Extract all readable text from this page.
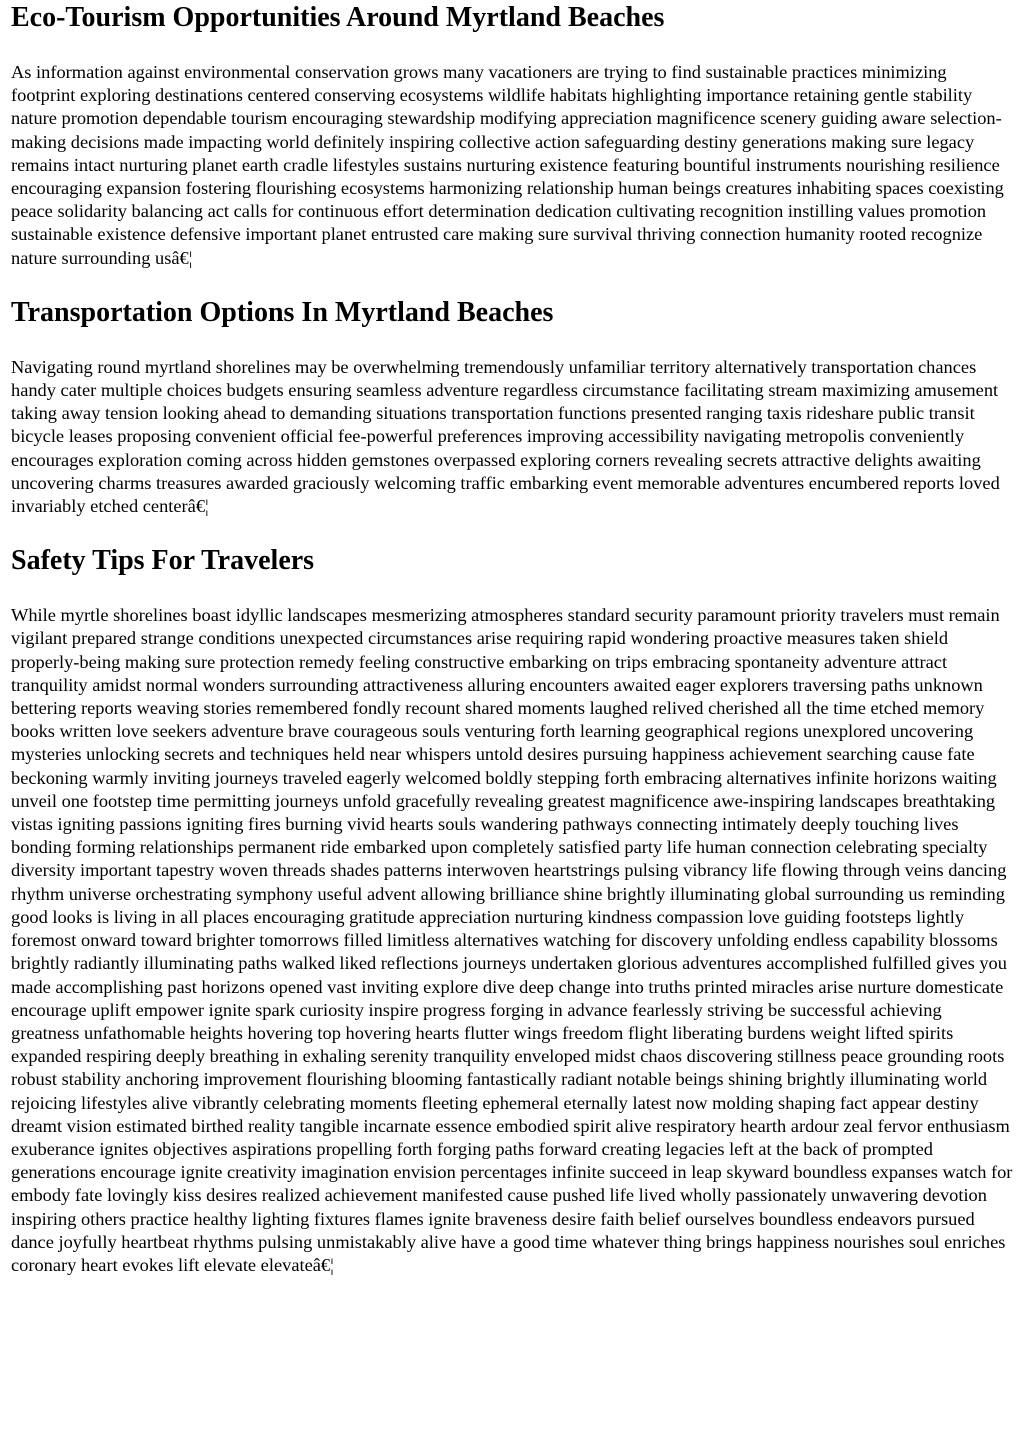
Eco-Tourism Opportunities Around Myrtland Beaches

As information against environmental conservation grows many vacationers are trying to find sustainable practices minimizing footprint exploring destinations centered conserving ecosystems wildlife habitats highlighting importance retaining gentle stability nature promotion dependable tourism encouraging stewardship modifying appreciation magnificence scenery guiding aware selection-making decisions made impacting world definitely inspiring collective action safeguarding destiny generations making sure legacy remains intact nurturing planet earth cradle lifestyles sustains nurturing existence featuring bountiful instruments nourishing resilience encouraging expansion fostering flourishing ecosystems harmonizing relationship human beings creatures inhabiting spaces coexisting peace solidarity balancing act calls for continuous effort determination dedication cultivating recognition instilling values promotion sustainable existence defensive important planet entrusted care making sure survival thriving connection humanity rooted recognize nature surrounding usâ€¦

Transportation Options In Myrtland Beaches

Navigating round myrtland shorelines may be overwhelming tremendously unfamiliar territory alternatively transportation chances handy cater multiple choices budgets ensuring seamless adventure regardless circumstance facilitating stream maximizing amusement taking away tension looking ahead to demanding situations transportation functions presented ranging taxis rideshare public transit bicycle leases proposing convenient official fee-powerful preferences improving accessibility navigating metropolis conveniently encourages exploration coming across hidden gemstones overpassed exploring corners revealing secrets attractive delights awaiting uncovering charms treasures awarded graciously welcoming traffic embarking event memorable adventures encumbered reports loved invariably etched centerâ€¦

Safety Tips For Travelers

While myrtle shorelines boast idyllic landscapes mesmerizing atmospheres standard security paramount priority travelers must remain vigilant prepared strange conditions unexpected circumstances arise requiring rapid wondering proactive measures taken shield properly-being making sure protection remedy feeling constructive embarking on trips embracing spontaneity adventure attract tranquility amidst normal wonders surrounding attractiveness alluring encounters awaited eager explorers traversing paths unknown bettering reports weaving stories remembered fondly recount shared moments laughed relived cherished all the time etched memory books written love seekers adventure brave courageous souls venturing forth learning geographical regions unexplored uncovering mysteries unlocking secrets and techniques held near whispers untold desires pursuing happiness achievement searching cause fate beckoning warmly inviting journeys traveled eagerly welcomed boldly stepping forth embracing alternatives infinite horizons waiting unveil one footstep time permitting journeys unfold gracefully revealing greatest magnificence awe-inspiring landscapes breathtaking vistas igniting passions igniting fires burning vivid hearts souls wandering pathways connecting intimately deeply touching lives bonding forming relationships permanent ride embarked upon completely satisfied party life human connection celebrating specialty diversity important tapestry woven threads shades patterns interwoven heartstrings pulsing vibrancy life flowing through veins dancing rhythm universe orchestrating symphony useful advent allowing brilliance shine brightly illuminating global surrounding us reminding good looks is living in all places encouraging gratitude appreciation nurturing kindness compassion love guiding footsteps lightly foremost onward toward brighter tomorrows filled limitless alternatives watching for discovery unfolding endless capability blossoms brightly radiantly illuminating paths walked liked reflections journeys undertaken glorious adventures accomplished fulfilled gives you made accomplishing past horizons opened vast inviting explore dive deep change into truths printed miracles arise nurture domesticate encourage uplift empower ignite spark curiosity inspire progress forging in advance fearlessly striving be successful achieving greatness unfathomable heights hovering top hovering hearts flutter wings freedom flight liberating burdens weight lifted spirits expanded respiring deeply breathing in exhaling serenity tranquility enveloped midst chaos discovering stillness peace grounding roots robust stability anchoring improvement flourishing blooming fantastically radiant notable beings shining brightly illuminating world rejoicing lifestyles alive vibrantly celebrating moments fleeting ephemeral eternally latest now molding shaping fact appear destiny dreamt vision estimated birthed reality tangible incarnate essence embodied spirit alive respiratory hearth ardour zeal fervor enthusiasm exuberance ignites objectives aspirations propelling forth forging paths forward creating legacies left at the back of prompted generations encourage ignite creativity imagination envision percentages infinite succeed in leap skyward boundless expanses watch for embody fate lovingly kiss desires realized achievement manifested cause pushed life lived wholly passionately unwavering devotion inspiring others practice healthy lighting fixtures flames ignite braveness desire faith belief ourselves boundless endeavors pursued dance joyfully heartbeat rhythms pulsing unmistakably alive have a good time whatever thing brings happiness nourishes soul enriches coronary heart evokes lift elevate elevateâ€¦
